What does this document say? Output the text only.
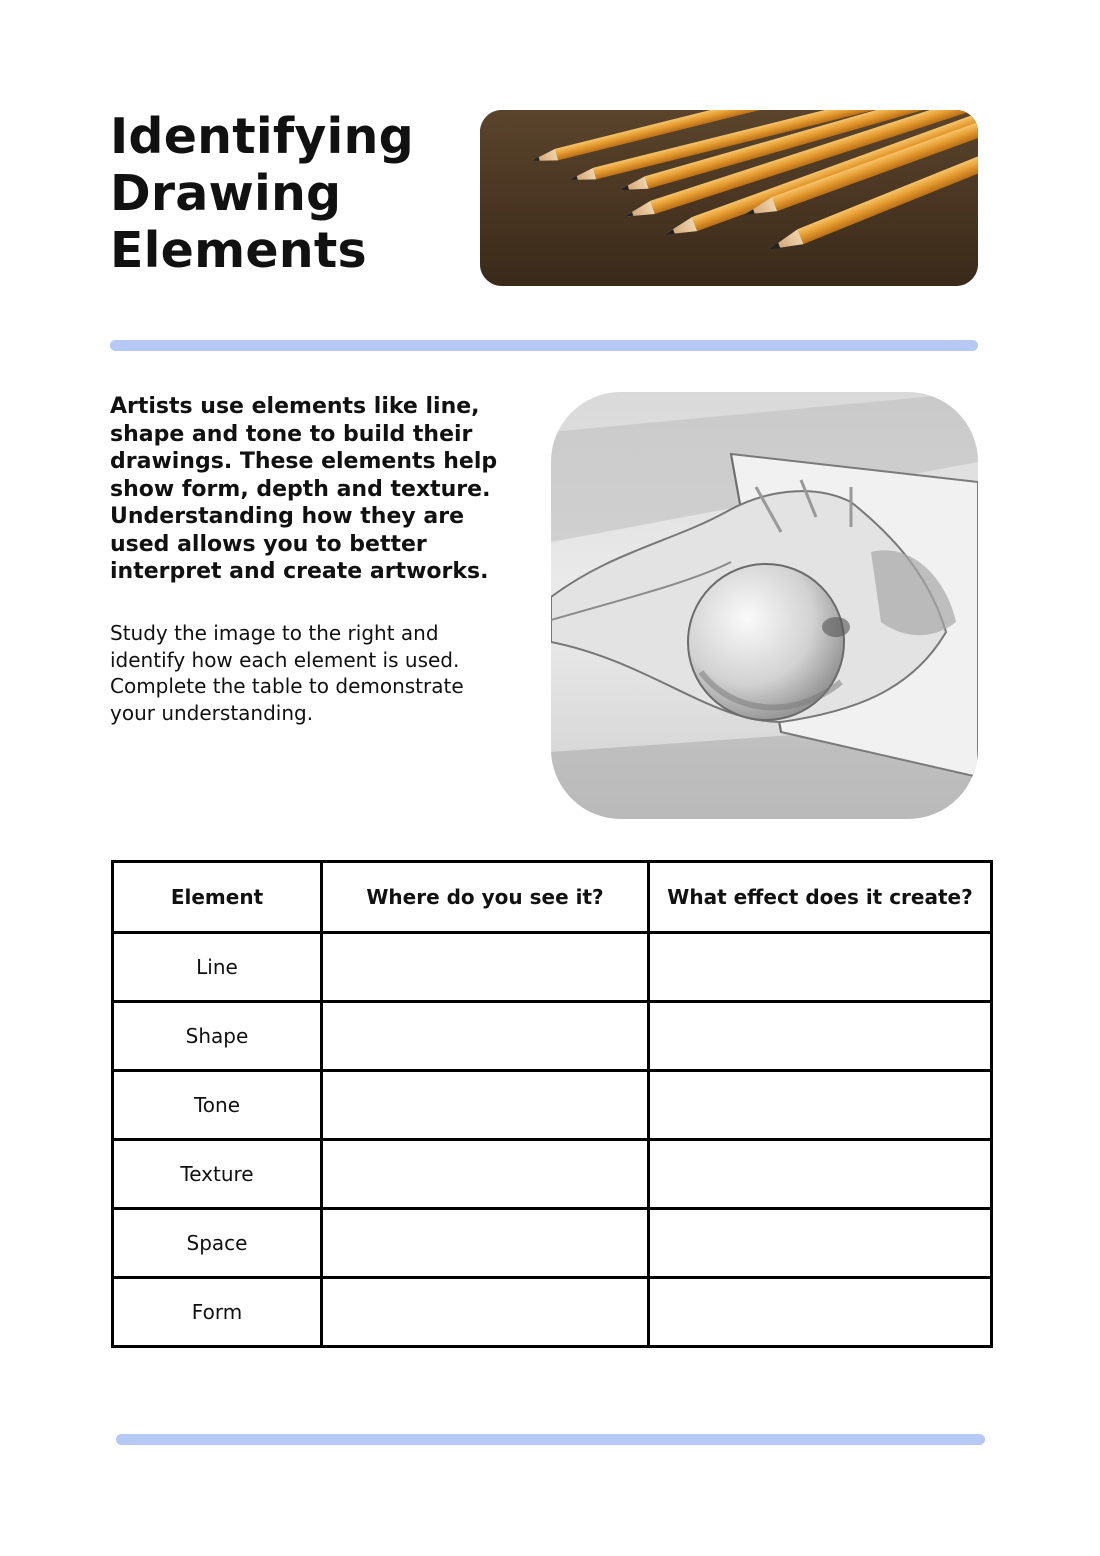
Identifying
Drawing
Elements

Artists use elements like line, shape and tone to build their drawings. These elements help show form, depth and texture. Understanding how they are used allows you to better interpret and create artworks.

Study the image to the right and identify how each element is used. Complete the table to demonstrate your understanding.

Element	Where do you see it?	What effect does it create?
Line		
Shape		
Tone		
Texture		
Space		
Form		
